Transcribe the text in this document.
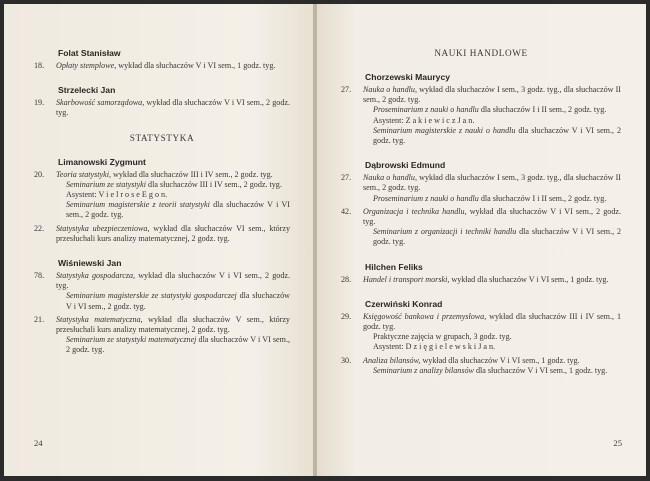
Folat Stanisław
18.	Opłaty stemplowe, wykład dla słuchaczów V i VI sem., 1 godz. tyg.
Strzelecki Jan
19.	Skarbowość samorządowa, wykład dla słuchaczów V i VI sem., 2 godz. tyg.
STATYSTYKA
Limanowski Zygmunt
20.	Teoria statystyki, wykład dla słuchaczów III i IV sem., 2 godz. tyg.
Seminarium ze statystyki dla słuchaczów III i IV sem., 2 godz. tyg.
Asystent: V i e l r o s e E g o n.
Seminarium magisterskie z teorii statystyki dla słuchaczów V i VI sem., 2 godz. tyg.
22.	Statystyka ubezpieczeniowa, wykład dla słuchaczów VI sem., którzy przesłuchali kurs analizy matematycznej, 2 godz. tyg.
Wiśniewski Jan
78.	Statystyka gospodarcza, wykład dla słuchaczów V i VI sem., 2 godz. tyg.
Seminarium magisterskie ze statystyki gospodarczej dla słuchaczów V i VI sem., 2 godz. tyg.
21.	Statystyka matematyczna, wykład dla słuchaczów V sem., którzy przesłuchali kurs analizy matematycznej, 2 godz. tyg.
Seminarium ze statystyki matematycznej dla słuchaczów V i VI sem., 2 godz. tyg.
24
NAUKI HANDLOWE
Chorzewski Maurycy
27.	Nauka o handlu, wykład dla słuchaczów I sem., 3 godz. tyg., dla słuchaczów II sem., 2 godz. tyg.
Proseminarium z nauki o handlu dla słuchaczów I i II sem., 2 godz. tyg.
Asystent: Z a k i e w i c z J a n.
Seminarium magisterskie z nauki o handlu dla słuchaczów V i VI sem., 2 godz. tyg.
Dąbrowski Edmund
27.	Nauka o handlu, wykład dla słuchaczów I sem., 3 godz. tyg., dla słuchaczów II sem., 2 godz. tyg.
Proseminarium z nauki o handlu dla słuchaczów I i II sem., 2 godz. tyg.
42.	Organizacja i technika handlu, wykład dla słuchaczów V i VI sem., 2 godz. tyg.
Seminarium z organizacji i techniki handlu dla słuchaczów V i VI sem., 2 godz. tyg.
Hilchen Feliks
28.	Handel i transport morski, wykład dla słuchaczów V i VI sem., 1 godz. tyg.
Czerwiński Konrad
29.	Księgowość bankowa i przemysłowa, wykład dla słuchaczów III i IV sem., 1 godz. tyg.
Praktyczne zajęcia w grupach, 3 godz. tyg.
Asystent: D z i ę g i e l e w s k i J a n.
30.	Analiza bilansów, wykład dla słuchaczów V i VI sem., 1 godz. tyg.
Seminarium z analizy bilansów dla słuchaczów V i VI sem., 1 godz. tyg.
25
